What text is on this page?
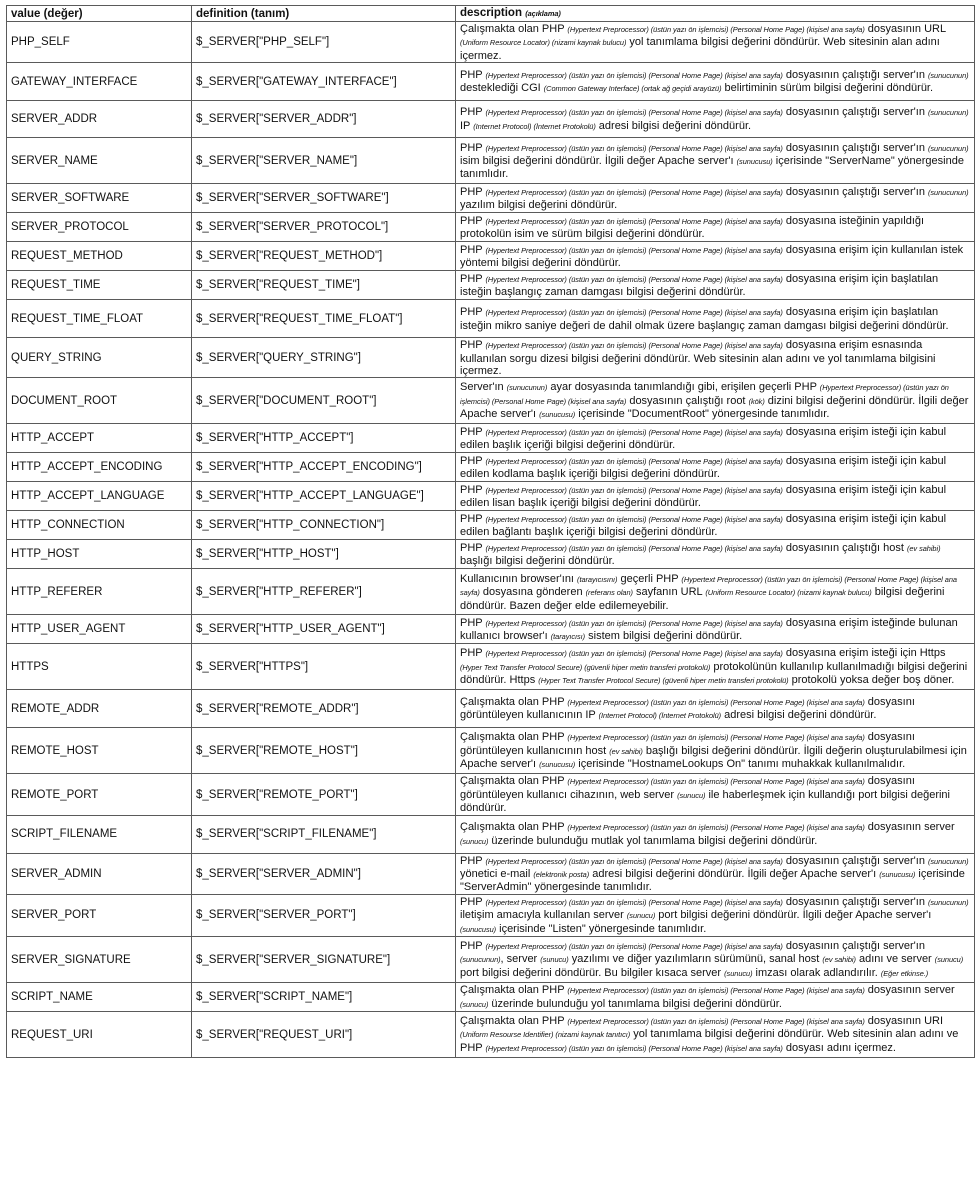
value (değer)	definition (tanım)	description (açıklama)
PHP_SELF	$_SERVER["PHP_SELF"]	Çalışmakta olan PHP (Hypertext Preprocessor) (üstün yazı ön işlemcisi) (Personal Home Page) (kişisel ana sayfa) dosyasının URL (Uniform Resource Locator) (nizami kaynak bulucu) yol tanımlama bilgisi değerini döndürür. Web sitesinin alan adını içermez.
GATEWAY_INTERFACE	$_SERVER["GATEWAY_INTERFACE"]	PHP (Hypertext Preprocessor) (üstün yazı ön işlemcisi) (Personal Home Page) (kişisel ana sayfa) dosyasının çalıştığı server'ın (sunucunun) desteklediği CGI (Common Gateway Interface) (ortak ağ geçidi arayüzü) belirtiminin sürüm bilgisi değerini döndürür.
SERVER_ADDR	$_SERVER["SERVER_ADDR"]	PHP (Hypertext Preprocessor) (üstün yazı ön işlemcisi) (Personal Home Page) (kişisel ana sayfa) dosyasının çalıştığı server'ın (sunucunun) IP (Internet Protocol) (İnternet Protokolü) adresi bilgisi değerini döndürür.
SERVER_NAME	$_SERVER["SERVER_NAME"]	PHP (Hypertext Preprocessor) (üstün yazı ön işlemcisi) (Personal Home Page) (kişisel ana sayfa) dosyasının çalıştığı server'ın (sunucunun) isim bilgisi değerini döndürür. İlgili değer Apache server'ı (sunucusu) içerisinde "ServerName" yönergesinde tanımlıdır.
SERVER_SOFTWARE	$_SERVER["SERVER_SOFTWARE"]	PHP (Hypertext Preprocessor) (üstün yazı ön işlemcisi) (Personal Home Page) (kişisel ana sayfa) dosyasının çalıştığı server'ın (sunucunun) yazılım bilgisi değerini döndürür.
SERVER_PROTOCOL	$_SERVER["SERVER_PROTOCOL"]	PHP (Hypertext Preprocessor) (üstün yazı ön işlemcisi) (Personal Home Page) (kişisel ana sayfa) dosyasına isteğinin yapıldığı protokolün isim ve sürüm bilgisi değerini döndürür.
REQUEST_METHOD	$_SERVER["REQUEST_METHOD"]	PHP (Hypertext Preprocessor) (üstün yazı ön işlemcisi) (Personal Home Page) (kişisel ana sayfa) dosyasına erişim için kullanılan istek yöntemi bilgisi değerini döndürür.
REQUEST_TIME	$_SERVER["REQUEST_TIME"]	PHP (Hypertext Preprocessor) (üstün yazı ön işlemcisi) (Personal Home Page) (kişisel ana sayfa) dosyasına erişim için başlatılan isteğin başlangıç zaman damgası bilgisi değerini döndürür.
REQUEST_TIME_FLOAT	$_SERVER["REQUEST_TIME_FLOAT"]	PHP (Hypertext Preprocessor) (üstün yazı ön işlemcisi) (Personal Home Page) (kişisel ana sayfa) dosyasına erişim için başlatılan isteğin mikro saniye değeri de dahil olmak üzere başlangıç zaman damgası bilgisi değerini döndürür.
QUERY_STRING	$_SERVER["QUERY_STRING"]	PHP (Hypertext Preprocessor) (üstün yazı ön işlemcisi) (Personal Home Page) (kişisel ana sayfa) dosyasına erişim esnasında kullanılan sorgu dizesi bilgisi değerini döndürür. Web sitesinin alan adını ve yol tanımlama bilgisini içermez.
DOCUMENT_ROOT	$_SERVER["DOCUMENT_ROOT"]	Server'ın (sunucunun) ayar dosyasında tanımlandığı gibi, erişilen geçerli PHP (Hypertext Preprocessor) (üstün yazı ön işlemcisi) (Personal Home Page) (kişisel ana sayfa) dosyasının çalıştığı root (kök) dizini bilgisi değerini döndürür. İlgili değer Apache server'ı (sunucusu) içerisinde "DocumentRoot" yönergesinde tanımlıdır.
HTTP_ACCEPT	$_SERVER["HTTP_ACCEPT"]	PHP (Hypertext Preprocessor) (üstün yazı ön işlemcisi) (Personal Home Page) (kişisel ana sayfa) dosyasına erişim isteği için kabul edilen başlık içeriği bilgisi değerini döndürür.
HTTP_ACCEPT_ENCODING	$_SERVER["HTTP_ACCEPT_ENCODING"]	PHP (Hypertext Preprocessor) (üstün yazı ön işlemcisi) (Personal Home Page) (kişisel ana sayfa) dosyasına erişim isteği için kabul edilen kodlama başlık içeriği bilgisi değerini döndürür.
HTTP_ACCEPT_LANGUAGE	$_SERVER["HTTP_ACCEPT_LANGUAGE"]	PHP (Hypertext Preprocessor) (üstün yazı ön işlemcisi) (Personal Home Page) (kişisel ana sayfa) dosyasına erişim isteği için kabul edilen lisan başlık içeriği bilgisi değerini döndürür.
HTTP_CONNECTION	$_SERVER["HTTP_CONNECTION"]	PHP (Hypertext Preprocessor) (üstün yazı ön işlemcisi) (Personal Home Page) (kişisel ana sayfa) dosyasına erişim isteği için kabul edilen bağlantı başlık içeriği bilgisi değerini döndürür.
HTTP_HOST	$_SERVER["HTTP_HOST"]	PHP (Hypertext Preprocessor) (üstün yazı ön işlemcisi) (Personal Home Page) (kişisel ana sayfa) dosyasının çalıştığı host (ev sahibi) başlığı bilgisi değerini döndürür.
HTTP_REFERER	$_SERVER["HTTP_REFERER"]	Kullanıcının browser'ını (tarayıcısını) geçerli PHP (Hypertext Preprocessor) (üstün yazı ön işlemcisi) (Personal Home Page) (kişisel ana sayfa) dosyasına gönderen (referans olan) sayfanın URL (Uniform Resource Locator) (nizami kaynak bulucu) bilgisi değerini döndürür. Bazen değer elde edilemeyebilir.
HTTP_USER_AGENT	$_SERVER["HTTP_USER_AGENT"]	PHP (Hypertext Preprocessor) (üstün yazı ön işlemcisi) (Personal Home Page) (kişisel ana sayfa) dosyasına erişim isteğinde bulunan kullanıcı browser'ı (tarayıcısı) sistem bilgisi değerini döndürür.
HTTPS	$_SERVER["HTTPS"]	PHP (Hypertext Preprocessor) (üstün yazı ön işlemcisi) (Personal Home Page) (kişisel ana sayfa) dosyasına erişim isteği için Https (Hyper Text Transfer Protocol Secure) (güvenli hiper metin transferi protokolü) protokolünün kullanılıp kullanılmadığı bilgisi değerini döndürür. Https (Hyper Text Transfer Protocol Secure) (güvenli hiper metin transferi protokolü) protokolü yoksa değer boş döner.
REMOTE_ADDR	$_SERVER["REMOTE_ADDR"]	Çalışmakta olan PHP (Hypertext Preprocessor) (üstün yazı ön işlemcisi) (Personal Home Page) (kişisel ana sayfa) dosyasını görüntüleyen kullanıcının IP (Internet Protocol) (İnternet Protokolü) adresi bilgisi değerini döndürür.
REMOTE_HOST	$_SERVER["REMOTE_HOST"]	Çalışmakta olan PHP (Hypertext Preprocessor) (üstün yazı ön işlemcisi) (Personal Home Page) (kişisel ana sayfa) dosyasını görüntüleyen kullanıcının host (ev sahibi) başlığı bilgisi değerini döndürür. İlgili değerin oluşturulabilmesi için Apache server'ı (sunucusu) içerisinde "HostnameLookups On" tanımı muhakkak kullanılmalıdır.
REMOTE_PORT	$_SERVER["REMOTE_PORT"]	Çalışmakta olan PHP (Hypertext Preprocessor) (üstün yazı ön işlemcisi) (Personal Home Page) (kişisel ana sayfa) dosyasını görüntüleyen kullanıcı cihazının, web server (sunucu) ile haberleşmek için kullandığı port bilgisi değerini döndürür.
SCRIPT_FILENAME	$_SERVER["SCRIPT_FILENAME"]	Çalışmakta olan PHP (Hypertext Preprocessor) (üstün yazı ön işlemcisi) (Personal Home Page) (kişisel ana sayfa) dosyasının server (sunucu) üzerinde bulunduğu mutlak yol tanımlama bilgisi değerini döndürür.
SERVER_ADMIN	$_SERVER["SERVER_ADMIN"]	PHP (Hypertext Preprocessor) (üstün yazı ön işlemcisi) (Personal Home Page) (kişisel ana sayfa) dosyasının çalıştığı server'ın (sunucunun) yönetici e-mail (elektronik posta) adresi bilgisi değerini döndürür. İlgili değer Apache server'ı (sunucusu) içerisinde "ServerAdmin" yönergesinde tanımlıdır.
SERVER_PORT	$_SERVER["SERVER_PORT"]	PHP (Hypertext Preprocessor) (üstün yazı ön işlemcisi) (Personal Home Page) (kişisel ana sayfa) dosyasının çalıştığı server'ın (sunucunun) iletişim amacıyla kullanılan server (sunucu) port bilgisi değerini döndürür. İlgili değer Apache server'ı (sunucusu) içerisinde "Listen" yönergesinde tanımlıdır.
SERVER_SIGNATURE	$_SERVER["SERVER_SIGNATURE"]	PHP (Hypertext Preprocessor) (üstün yazı ön işlemcisi) (Personal Home Page) (kişisel ana sayfa) dosyasının çalıştığı server'ın (sunucunun), server (sunucu) yazılımı ve diğer yazılımların sürümünü, sanal host (ev sahibi) adını ve server (sunucu) port bilgisi değerini döndürür. Bu bilgiler kısaca server (sunucu) imzası olarak adlandırılır. (Eğer etkinse.)
SCRIPT_NAME	$_SERVER["SCRIPT_NAME"]	Çalışmakta olan PHP (Hypertext Preprocessor) (üstün yazı ön işlemcisi) (Personal Home Page) (kişisel ana sayfa) dosyasının server (sunucu) üzerinde bulunduğu yol tanımlama bilgisi değerini döndürür.
REQUEST_URI	$_SERVER["REQUEST_URI"]	Çalışmakta olan PHP (Hypertext Preprocessor) (üstün yazı ön işlemcisi) (Personal Home Page) (kişisel ana sayfa) dosyasının URI (Uniform Resourse Identifier) (nizami kaynak tanıtıcı) yol tanımlama bilgisi değerini döndürür. Web sitesinin alan adını ve PHP (Hypertext Preprocessor) (üstün yazı ön işlemcisi) (Personal Home Page) (kişisel ana sayfa) dosyası adını içermez.
